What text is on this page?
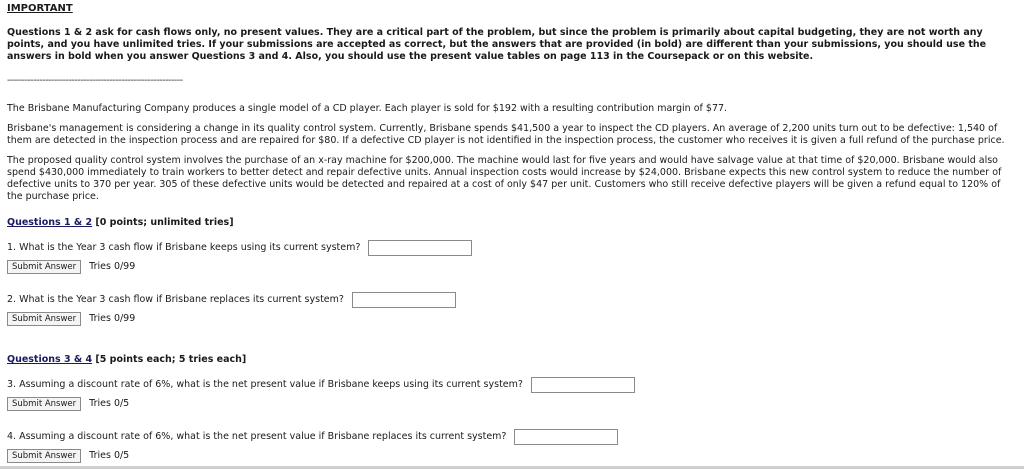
IMPORTANT

Questions 1 & 2 ask for cash flows only, no present values. They are a critical part of the problem, but since the problem is primarily about capital budgeting, they are not worth any points, and you have unlimited tries. If your submissions are accepted as correct, but the answers that are provided (in bold) are different than your submissions, you should use the answers in bold when you answer Questions 3 and 4. Also, you should use the present value tables on page 113 in the Coursepack or on this website.

------------------------------------------------------------

The Brisbane Manufacturing Company produces a single model of a CD player. Each player is sold for $192 with a resulting contribution margin of $77.

Brisbane's management is considering a change in its quality control system. Currently, Brisbane spends $41,500 a year to inspect the CD players. An average of 2,200 units turn out to be defective: 1,540 of them are detected in the inspection process and are repaired for $80. If a defective CD player is not identified in the inspection process, the customer who receives it is given a full refund of the purchase price.

The proposed quality control system involves the purchase of an x-ray machine for $200,000. The machine would last for five years and would have salvage value at that time of $20,000. Brisbane would also spend $430,000 immediately to train workers to better detect and repair defective units. Annual inspection costs would increase by $24,000. Brisbane expects this new control system to reduce the number of defective units to 370 per year. 305 of these defective units would be detected and repaired at a cost of only $47 per unit. Customers who still receive defective players will be given a refund equal to 120% of the purchase price.

Questions 1 & 2 [0 points; unlimited tries]
1. What is the Year 3 cash flow if Brisbane keeps using its current system?
Submit Answer	Tries 0/99
2. What is the Year 3 cash flow if Brisbane replaces its current system?
Submit Answer	Tries 0/99
Questions 3 & 4 [5 points each; 5 tries each]
3. Assuming a discount rate of 6%, what is the net present value if Brisbane keeps using its current system?
Submit Answer	Tries 0/5
4. Assuming a discount rate of 6%, what is the net present value if Brisbane replaces its current system?
Submit Answer	Tries 0/5
